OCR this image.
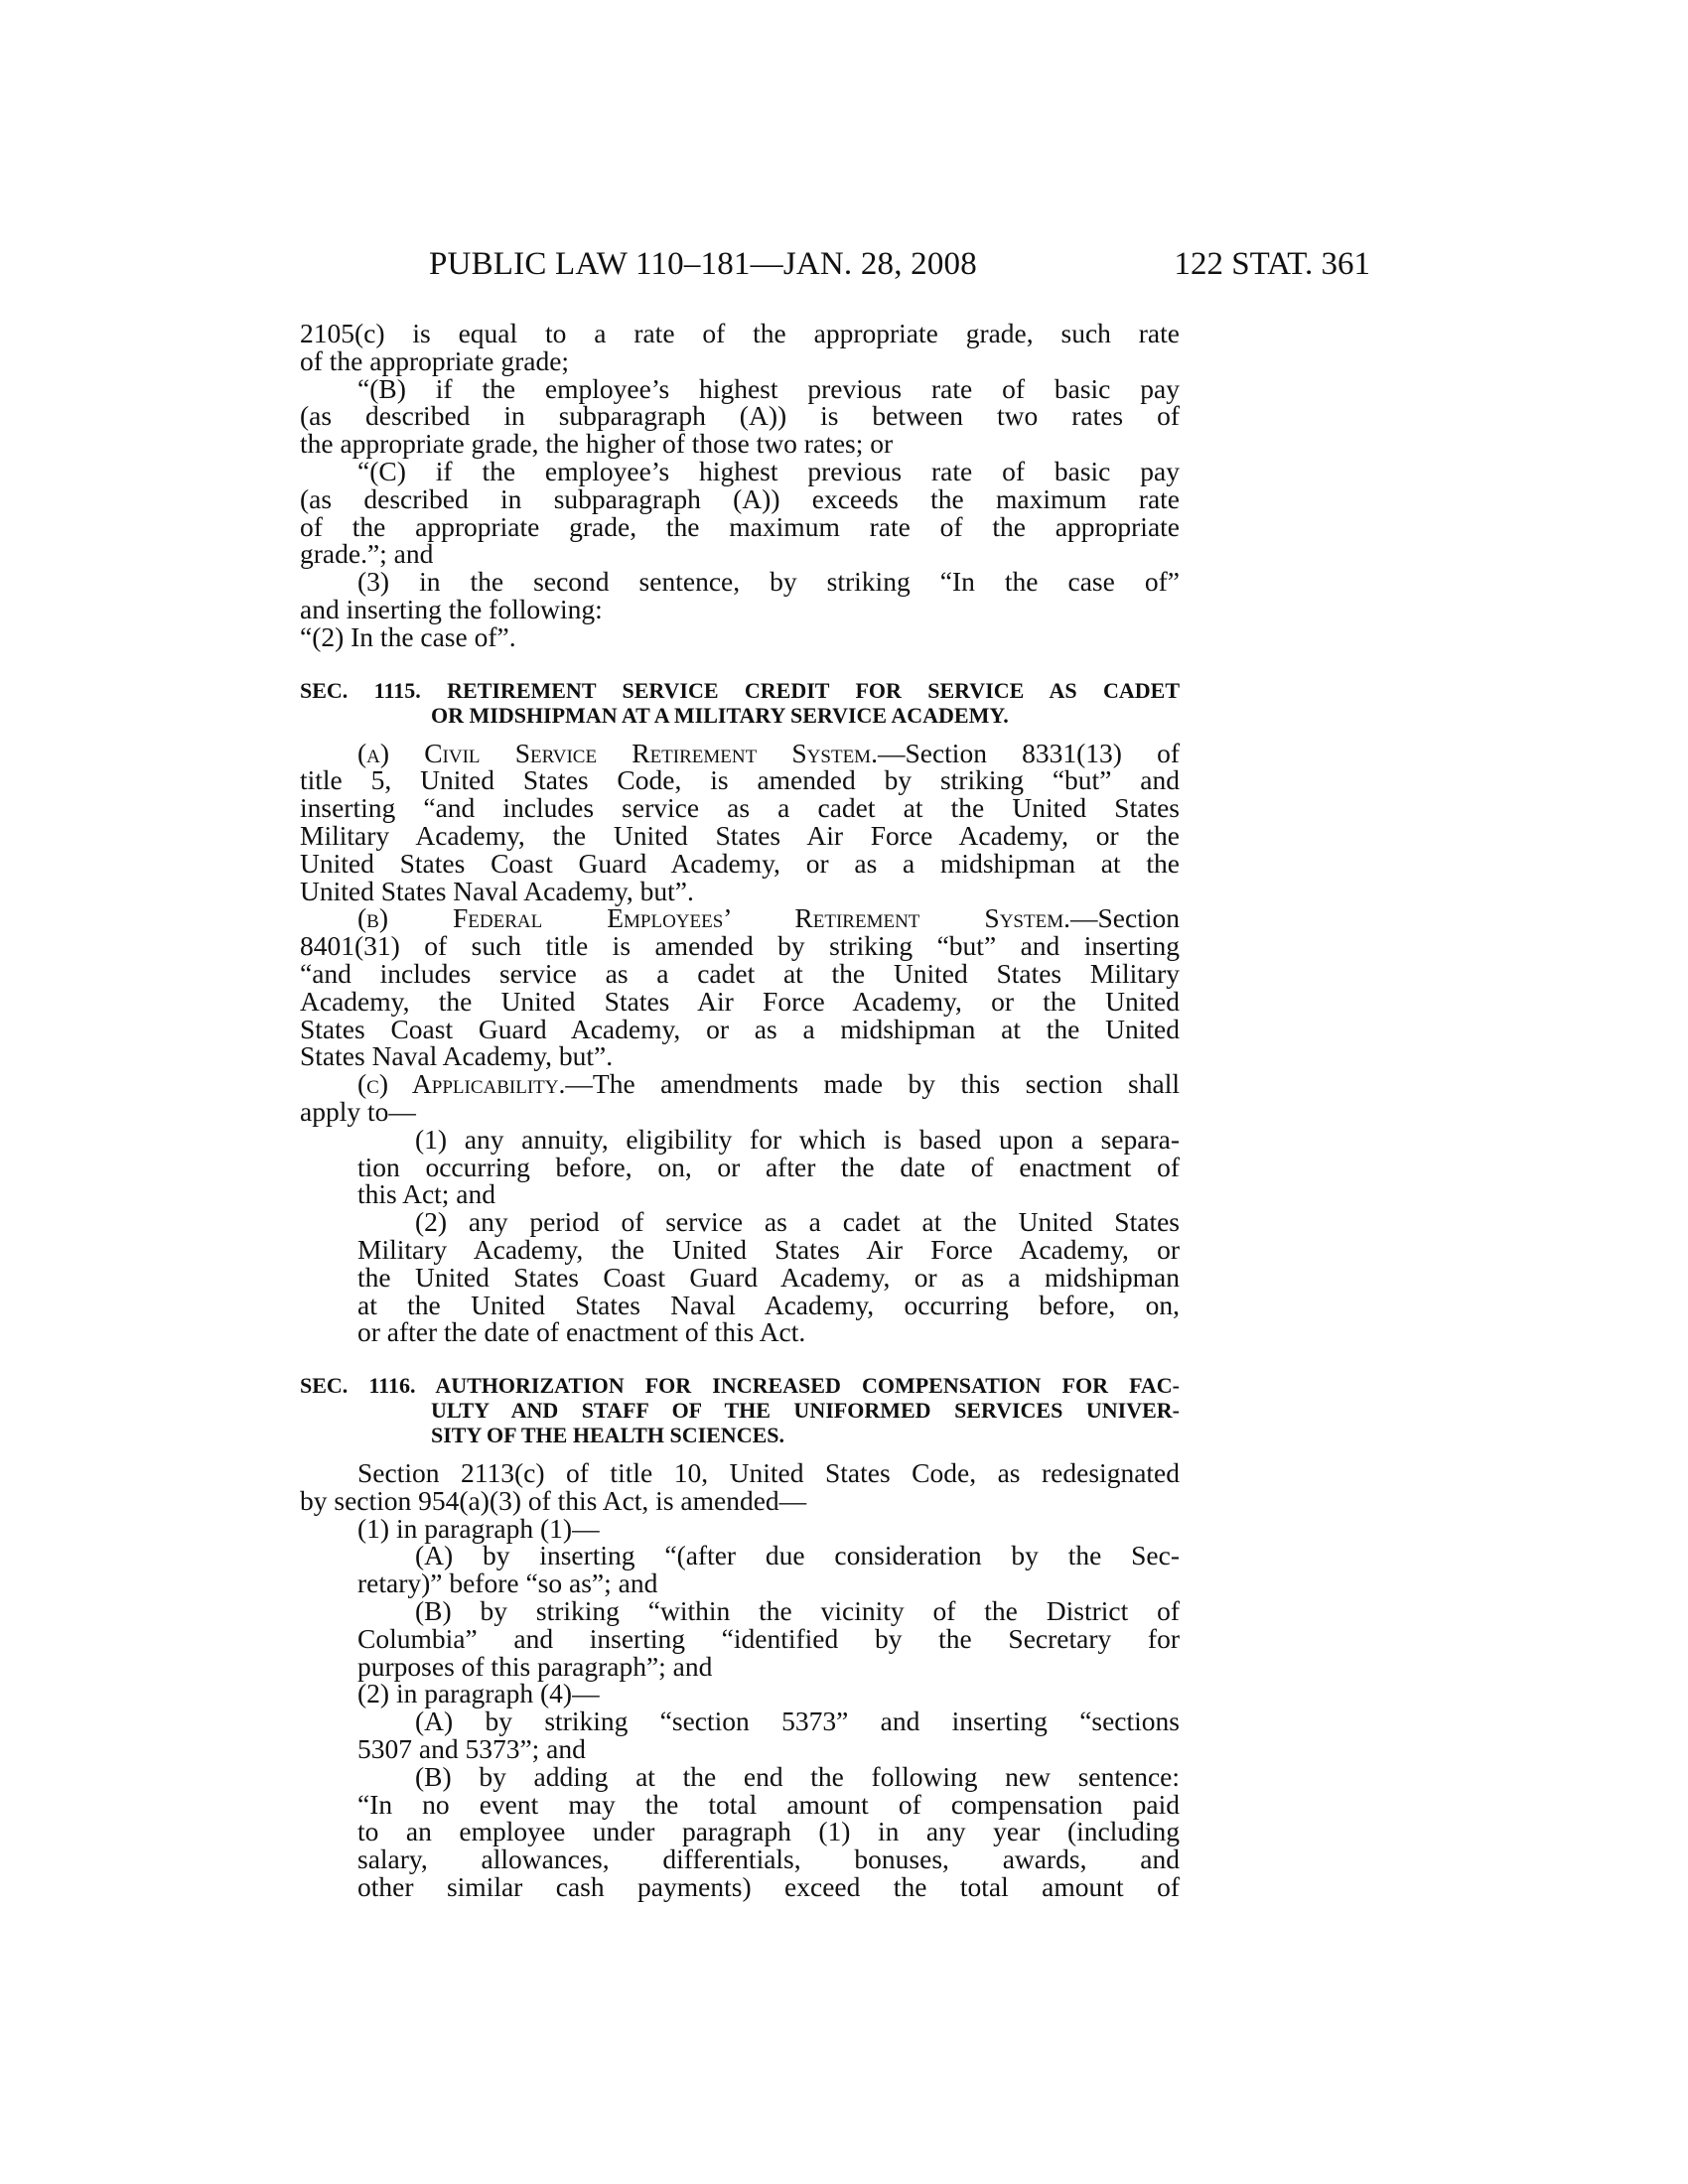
PUBLIC LAW 110–181—JAN. 28, 2008	122 STAT. 361
2105(c) is equal to a rate of the appropriate grade, such rate
of the appropriate grade;
“(B) if the employee’s highest previous rate of basic pay
(as described in subparagraph (A)) is between two rates of
the appropriate grade, the higher of those two rates; or
“(C) if the employee’s highest previous rate of basic pay
(as described in subparagraph (A)) exceeds the maximum rate
of the appropriate grade, the maximum rate of the appropriate
grade.”; and
(3) in the second sentence, by striking “In the case of”
and inserting the following:
“(2) In the case of”.
SEC. 1115. RETIREMENT SERVICE CREDIT FOR SERVICE AS CADET
OR MIDSHIPMAN AT A MILITARY SERVICE ACADEMY.
(a) Civil Service Retirement System.—Section 8331(13) of
title 5, United States Code, is amended by striking “but” and
inserting “and includes service as a cadet at the United States
Military Academy, the United States Air Force Academy, or the
United States Coast Guard Academy, or as a midshipman at the
United States Naval Academy, but”.
(b) Federal Employees’ Retirement System.—Section
8401(31) of such title is amended by striking “but” and inserting
“and includes service as a cadet at the United States Military
Academy, the United States Air Force Academy, or the United
States Coast Guard Academy, or as a midshipman at the United
States Naval Academy, but”.
(c) Applicability.—The amendments made by this section shall
apply to—
(1) any annuity, eligibility for which is based upon a separa-
tion occurring before, on, or after the date of enactment of
this Act; and
(2) any period of service as a cadet at the United States
Military Academy, the United States Air Force Academy, or
the United States Coast Guard Academy, or as a midshipman
at the United States Naval Academy, occurring before, on,
or after the date of enactment of this Act.
SEC. 1116. AUTHORIZATION FOR INCREASED COMPENSATION FOR FAC-
ULTY AND STAFF OF THE UNIFORMED SERVICES UNIVER-
SITY OF THE HEALTH SCIENCES.
Section 2113(c) of title 10, United States Code, as redesignated
by section 954(a)(3) of this Act, is amended—
(1) in paragraph (1)—
(A) by inserting “(after due consideration by the Sec-
retary)” before “so as”; and
(B) by striking “within the vicinity of the District of
Columbia” and inserting “identified by the Secretary for
purposes of this paragraph”; and
(2) in paragraph (4)—
(A) by striking “section 5373” and inserting “sections
5307 and 5373”; and
(B) by adding at the end the following new sentence:
“In no event may the total amount of compensation paid
to an employee under paragraph (1) in any year (including
salary, allowances, differentials, bonuses, awards, and
other similar cash payments) exceed the total amount of
